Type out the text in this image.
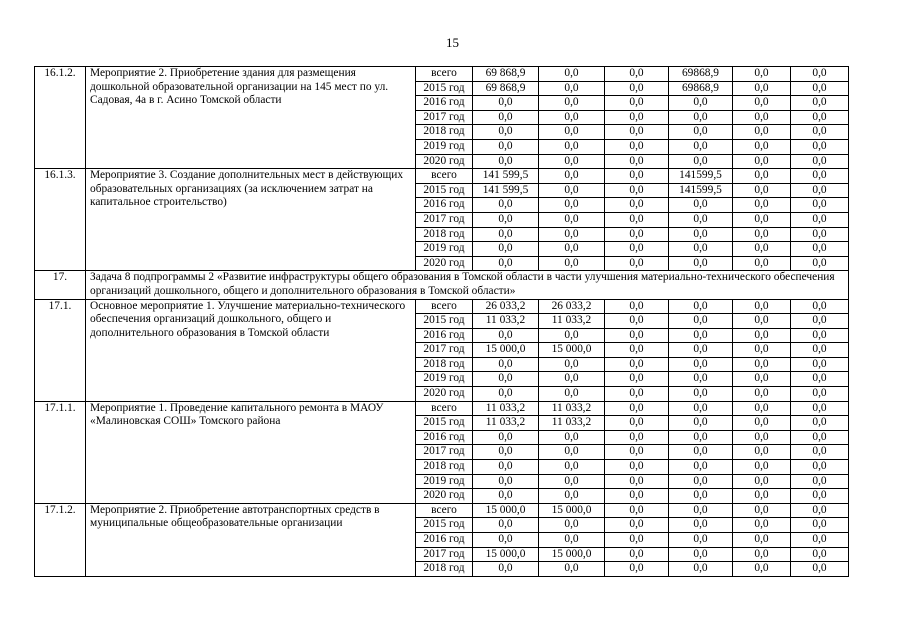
15
16.1.2.	Мероприятие 2. Приобретение здания для размещения дошкольной образовательной организации на 145 мест по ул. Садовая, 4а в г. Асино Томской области	всего	69 868,9	0,0	0,0	69868,9	0,0	0,0
		2015 год	69 868,9	0,0	0,0	69868,9	0,0	0,0
		2016 год	0,0	0,0	0,0	0,0	0,0	0,0
		2017 год	0,0	0,0	0,0	0,0	0,0	0,0
		2018 год	0,0	0,0	0,0	0,0	0,0	0,0
		2019 год	0,0	0,0	0,0	0,0	0,0	0,0
		2020 год	0,0	0,0	0,0	0,0	0,0	0,0
16.1.3.	Мероприятие 3. Создание дополнительных мест в действующих образовательных организациях (за исключением затрат на капитальное строительство)	всего	141 599,5	0,0	0,0	141599,5	0,0	0,0
		2015 год	141 599,5	0,0	0,0	141599,5	0,0	0,0
		2016 год	0,0	0,0	0,0	0,0	0,0	0,0
		2017 год	0,0	0,0	0,0	0,0	0,0	0,0
		2018 год	0,0	0,0	0,0	0,0	0,0	0,0
		2019 год	0,0	0,0	0,0	0,0	0,0	0,0
		2020 год	0,0	0,0	0,0	0,0	0,0	0,0
17.	Задача 8 подпрограммы 2 «Развитие инфраструктуры общего образования в Томской области в части улучшения материально-технического обеспечения организаций дошкольного, общего и дополнительного образования в Томской области»							
17.1.	Основное мероприятие 1. Улучшение материально-технического обеспечения организаций дошкольного, общего и дополнительного образования в Томской области	всего	26 033,2	26 033,2	0,0	0,0	0,0	0,0
		2015 год	11 033,2	11 033,2	0,0	0,0	0,0	0,0
		2016 год	0,0	0,0	0,0	0,0	0,0	0,0
		2017 год	15 000,0	15 000,0	0,0	0,0	0,0	0,0
		2018 год	0,0	0,0	0,0	0,0	0,0	0,0
		2019 год	0,0	0,0	0,0	0,0	0,0	0,0
		2020 год	0,0	0,0	0,0	0,0	0,0	0,0
17.1.1.	Мероприятие 1. Проведение капитального ремонта в МАОУ «Малиновская СОШ» Томского района	всего	11 033,2	11 033,2	0,0	0,0	0,0	0,0
		2015 год	11 033,2	11 033,2	0,0	0,0	0,0	0,0
		2016 год	0,0	0,0	0,0	0,0	0,0	0,0
		2017 год	0,0	0,0	0,0	0,0	0,0	0,0
		2018 год	0,0	0,0	0,0	0,0	0,0	0,0
		2019 год	0,0	0,0	0,0	0,0	0,0	0,0
		2020 год	0,0	0,0	0,0	0,0	0,0	0,0
17.1.2.	Мероприятие 2. Приобретение автотранспортных средств в муниципальные общеобразовательные организации	всего	15 000,0	15 000,0	0,0	0,0	0,0	0,0
		2015 год	0,0	0,0	0,0	0,0	0,0	0,0
		2016 год	0,0	0,0	0,0	0,0	0,0	0,0
		2017 год	15 000,0	15 000,0	0,0	0,0	0,0	0,0
		2018 год	0,0	0,0	0,0	0,0	0,0	0,0
